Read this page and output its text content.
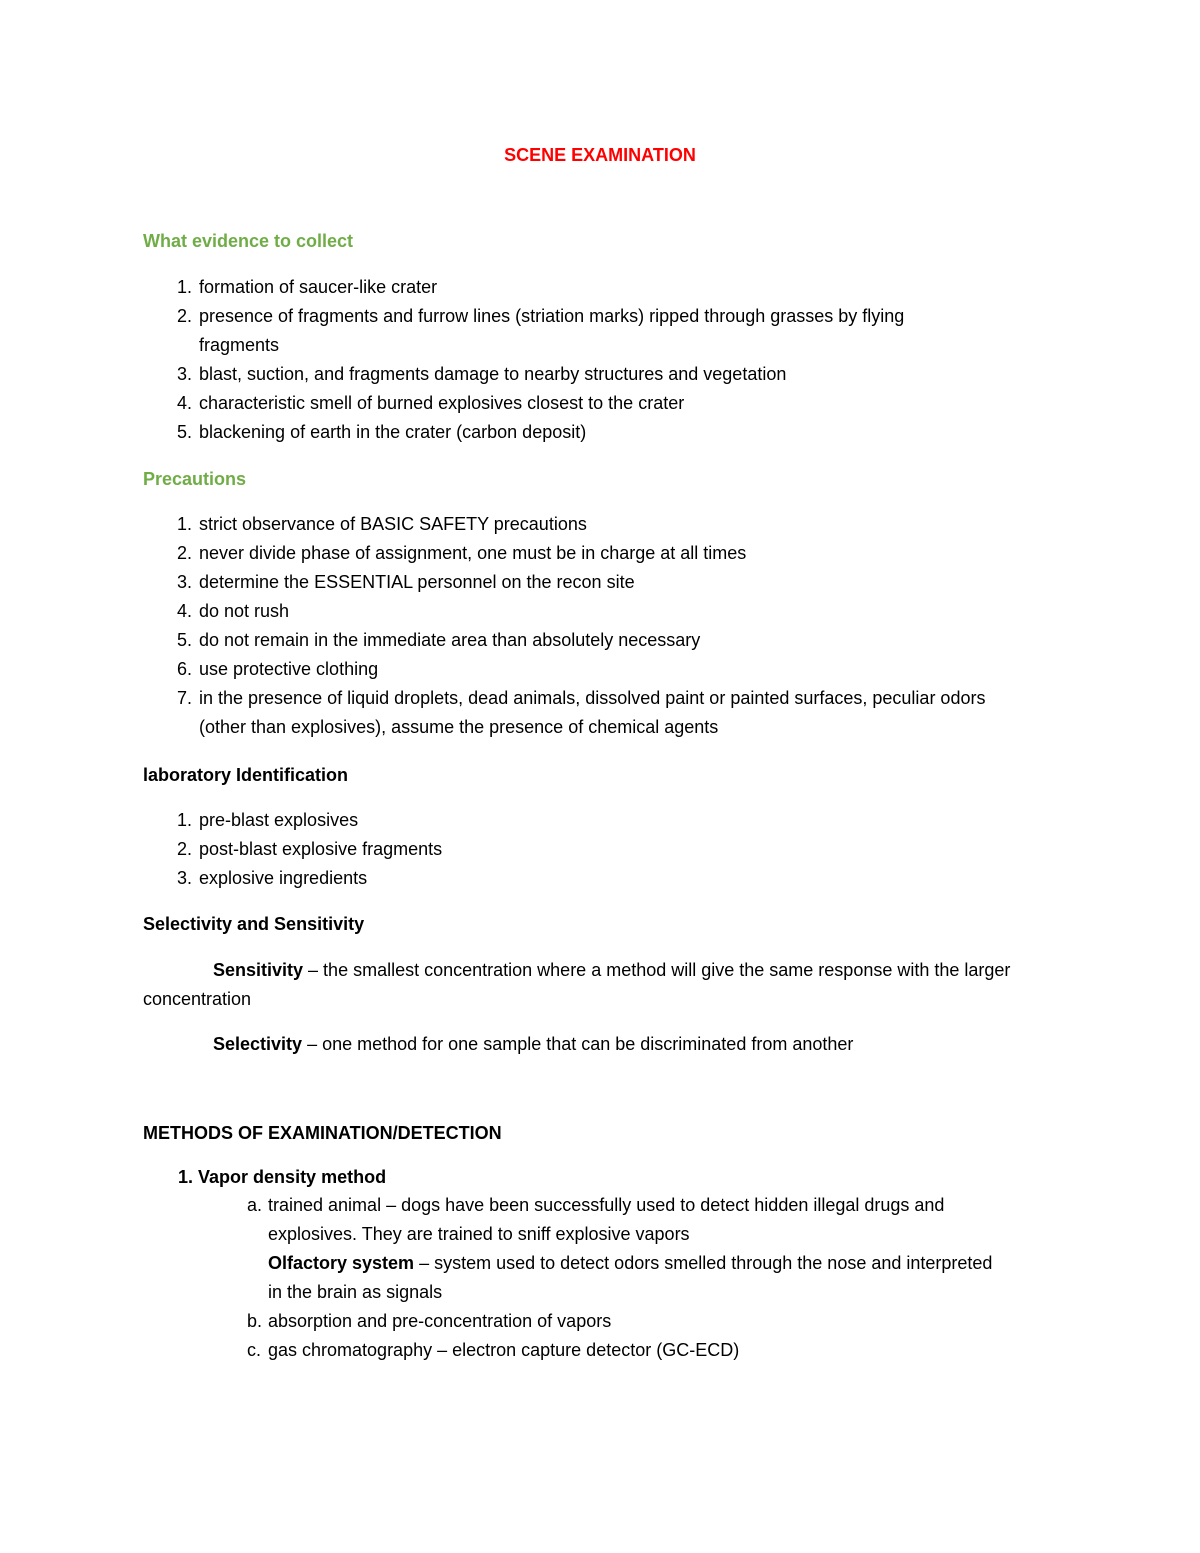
SCENE EXAMINATION
What evidence to collect
1. formation of saucer-like crater
2. presence of fragments and furrow lines (striation marks) ripped through grasses by flying fragments
3. blast, suction, and fragments damage to nearby structures and vegetation
4. characteristic smell of burned explosives closest to the crater
5. blackening of earth in the crater (carbon deposit)
Precautions
1. strict observance of BASIC SAFETY precautions
2. never divide phase of assignment, one must be in charge at all times
3. determine the ESSENTIAL personnel on the recon site
4. do not rush
5. do not remain in the immediate area than absolutely necessary
6. use protective clothing
7. in the presence of liquid droplets, dead animals, dissolved paint or painted surfaces, peculiar odors (other than explosives), assume the presence of chemical agents
laboratory Identification
1. pre-blast explosives
2. post-blast explosive fragments
3. explosive ingredients
Selectivity and Sensitivity

Sensitivity – the smallest concentration where a method will give the same response with the larger concentration

Selectivity – one method for one sample that can be discriminated from another

METHODS OF EXAMINATION/DETECTION

1. Vapor density method

a. trained animal – dogs have been successfully used to detect hidden illegal drugs and explosives. They are trained to sniff explosive vapors
Olfactory system – system used to detect odors smelled through the nose and interpreted in the brain as signals
b. absorption and pre-concentration of vapors
c. gas chromatography – electron capture detector (GC-ECD)
